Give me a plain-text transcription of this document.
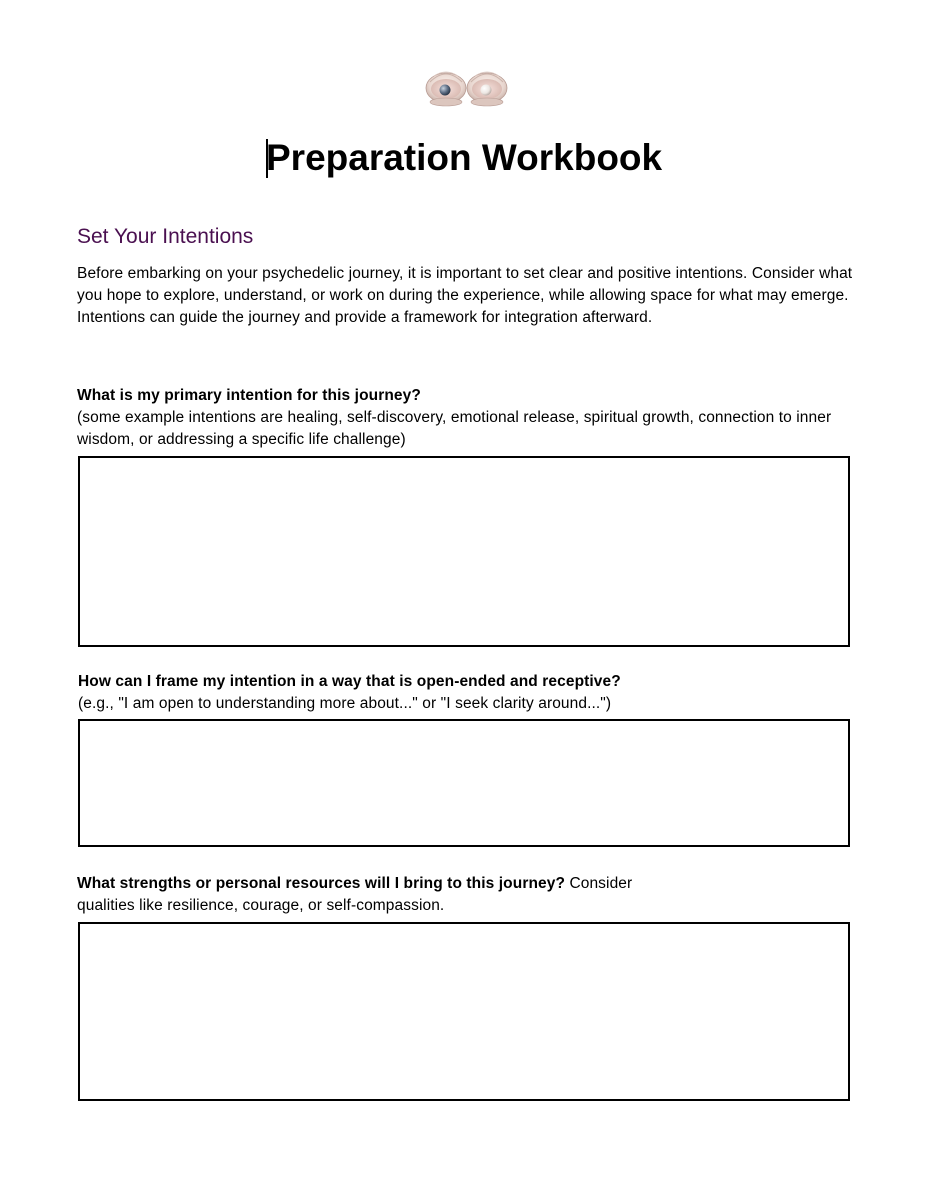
Preparation Workbook
Set Your Intentions

Before embarking on your psychedelic journey, it is important to set clear and positive intentions. Consider what you hope to explore, understand, or work on during the experience, while allowing space for what may emerge. Intentions can guide the journey and provide a framework for integration afterward.

What is my primary intention for this journey?
(some example intentions are healing, self-discovery, emotional release, spiritual growth, connection to inner wisdom, or addressing a specific life challenge)
How can I frame my intention in a way that is open-ended and receptive?
(e.g., "I am open to understanding more about..." or "I seek clarity around...")
What strengths or personal resources will I bring to this journey? Consider qualities like resilience, courage, or self-compassion.
